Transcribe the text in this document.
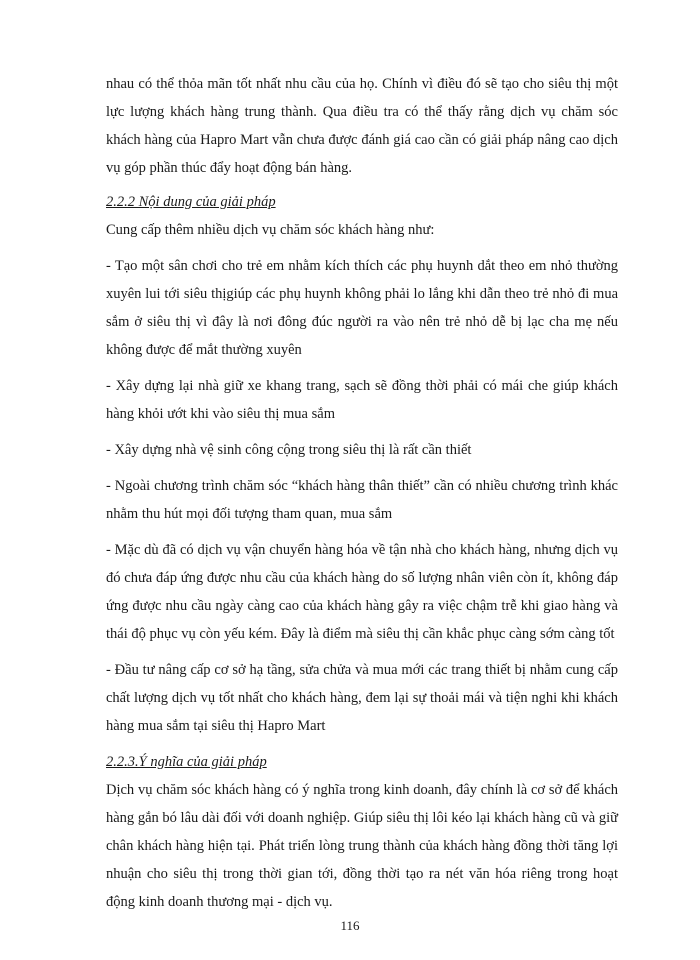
nhau có thể thỏa mãn tốt nhất nhu cầu của họ. Chính vì điều đó sẽ tạo cho siêu thị một lực lượng khách hàng trung thành. Qua điều tra có thể thấy rằng dịch vụ chăm sóc khách hàng của Hapro Mart vẫn chưa được đánh giá cao cần có giải pháp nâng cao dịch vụ góp phần thúc đẩy hoạt động bán hàng.

2.2.2 Nội dung của giải pháp

Cung cấp thêm nhiều dịch vụ chăm sóc khách hàng như:

- Tạo một sân chơi cho trẻ em nhằm kích thích các phụ huynh dắt theo em nhỏ thường xuyên lui tới siêu thịgiúp các phụ huynh không phải lo lắng khi dẫn theo trẻ nhỏ đi mua sắm ở siêu thị vì đây là nơi đông đúc người ra vào nên trẻ nhỏ dễ bị lạc cha mẹ nếu không được để mắt thường xuyên

- Xây dựng lại nhà giữ xe khang trang, sạch sẽ đồng thời phải có mái che giúp khách hàng khỏi ướt khi vào siêu thị mua sắm

- Xây dựng nhà vệ sinh công cộng trong siêu thị là rất cần thiết

- Ngoài chương trình chăm sóc “khách hàng thân thiết” cần có nhiều chương trình khác nhằm thu hút mọi đối tượng tham quan, mua sắm

- Mặc dù đã có dịch vụ vận chuyển hàng hóa về tận nhà cho khách hàng, nhưng dịch vụ đó chưa đáp ứng được nhu cầu của khách hàng do số lượng nhân viên còn ít, không đáp ứng được nhu cầu ngày càng cao của khách hàng gây ra việc chậm trễ khi giao hàng và thái độ phục vụ còn yếu kém. Đây là điểm mà siêu thị cần khắc phục càng sớm càng tốt

- Đầu tư nâng cấp cơ sở hạ tầng, sửa chửa và mua mới các trang thiết bị nhằm cung cấp chất lượng dịch vụ tốt nhất cho khách hàng, đem lại sự thoải mái và tiện nghi khi khách hàng mua sắm tại siêu thị Hapro Mart

2.2.3.Ý nghĩa của giải pháp

Dịch vụ chăm sóc khách hàng có ý nghĩa trong kinh doanh, đây chính là cơ sở để khách hàng gắn bó lâu dài đối với doanh nghiệp. Giúp siêu thị lôi kéo lại khách hàng cũ và giữ chân khách hàng hiện tại. Phát triển lòng trung thành của khách hàng đồng thời tăng lợi nhuận cho siêu thị trong thời gian tới, đồng thời tạo ra nét văn hóa riêng trong hoạt động kinh doanh thương mại - dịch vụ.

116
